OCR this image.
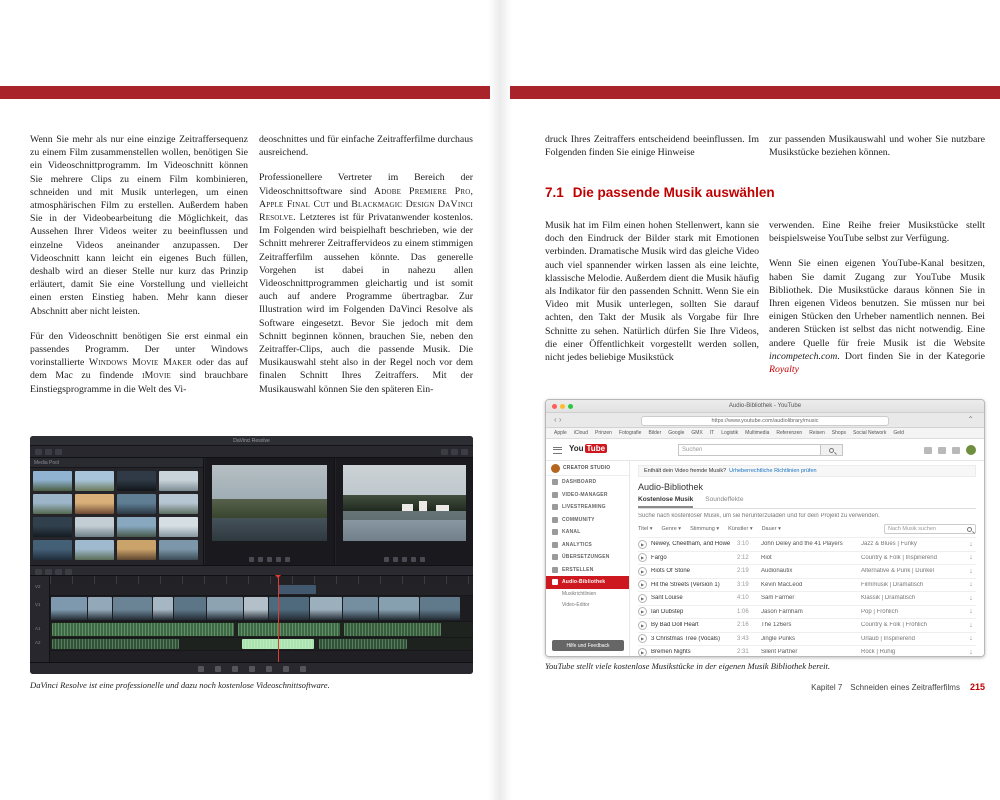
Wenn Sie mehr als nur eine einzige Zeitraffersequenz zu einem Film zusammenstellen wollen, benötigen Sie ein Videoschnittprogramm. Im Videoschnitt können Sie mehrere Clips zu einem Film kombinieren, schneiden und mit Musik unterlegen, um einen atmosphärischen Film zu erstellen. Außerdem haben Sie in der Videobearbeitung die Möglichkeit, das Aussehen Ihrer Videos weiter zu beeinflussen und einzelne Videos aneinander anzupassen. Der Videoschnitt kann leicht ein eigenes Buch füllen, deshalb wird an dieser Stelle nur kurz das Prinzip erläutert, damit Sie eine Vorstellung und vielleicht einen ersten Einstieg haben. Mehr kann dieser Abschnitt aber nicht leisten.

Für den Videoschnitt benötigen Sie erst einmal ein passendes Programm. Der unter Windows vorinstallierte Windows Movie Maker oder das auf dem Mac zu findende iMovie sind brauchbare Einstiegsprogramme in die Welt des Vi-

deoschnittes und für einfache Zeitrafferfilme durchaus ausreichend.

Professionellere Vertreter im Bereich der Videoschnittsoftware sind Adobe Premiere Pro, Apple Final Cut und Blackmagic Design DaVinci Resolve. Letzteres ist für Privatanwender kostenlos. Im Folgenden wird beispielhaft beschrieben, wie der Schnitt mehrerer Zeitraffervideos zu einem stimmigen Zeitrafferfilm aussehen könnte. Das generelle Vorgehen ist dabei in nahezu allen Videoschnittprogrammen gleichartig und ist somit auch auf andere Programme übertragbar. Zur Illustration wird im Folgenden DaVinci Resolve als Software eingesetzt. Bevor Sie jedoch mit dem Schnitt beginnen können, brauchen Sie, neben den Zeitraffer-Clips, auch die passende Musik. Die Musikauswahl steht also in der Regel noch vor dem finalen Schnitt Ihres Zeitraffers. Mit der Musikauswahl können Sie den späteren Ein-

DaVinci Resolve
Media Pool
V2
V1
A1
A2
DaVinci Resolve ist eine professionelle und dazu noch kostenlose Videoschnittsoftware.

druck Ihres Zeitraffers entscheidend beeinflussen. Im Folgenden finden Sie einige Hinweise

zur passenden Musikauswahl und woher Sie nutzbare Musikstücke beziehen können.

7.1 Die passende Musik auswählen

Musik hat im Film einen hohen Stellenwert, kann sie doch den Eindruck der Bilder stark mit Emotionen verbinden. Dramatische Musik wird das gleiche Video auch viel spannender wirken lassen als eine leichte, klassische Melodie. Außerdem dient die Musik häufig als Indikator für den passenden Schnitt. Wenn Sie ein Video mit Musik unterlegen, sollten Sie darauf achten, den Takt der Musik als Vorgabe für Ihre Schnitte zu sehen. Natürlich dürfen Sie Ihre Videos, die einer Öffentlichkeit vorgestellt werden sollen, nicht jedes beliebige Musikstück

verwenden. Eine Reihe freier Musikstücke stellt beispielsweise YouTube selbst zur Verfügung.

Wenn Sie einen eigenen YouTube-Kanal besitzen, haben Sie damit Zugang zur YouTube Musik Bibliothek. Die Musikstücke daraus können Sie in Ihren eigenen Videos benutzen. Sie müssen nur bei einigen Stücken den Urheber namentlich nennen. Bei anderen Stücken ist selbst das nicht notwendig. Eine andere Quelle für freie Musik ist die Website incompetech.com. Dort finden Sie in der Kategorie Royalty

Audio-Bibliothek - YouTube
‹ ›	https://www.youtube.com/audiolibrary/music	⌃
Apple iCloud Prinzen Fotografie Bilder Google GMX IT Logistik Multimedia Referenzen Reisen Shops Social Network Geld
You Tube	Suchen
CREATOR STUDIO
DASHBOARD
VIDEO-MANAGER
LIVESTREAMING
COMMUNITY
KANAL
ANALYTICS
ÜBERSETZUNGEN
ERSTELLEN
Audio-Bibliothek
Musikrichtlinien
Video-Editor
Hilfe und Feedback
Enthält dein Video fremde Musik? Urheberrechtliche Richtlinien prüfen
Audio-Bibliothek
Kostenlose Musik Soundeffekte
Suche nach kostenloser Musik, um sie herunterzuladen und für dein Projekt zu verwenden.
Titel ▾ Genre ▾ Stimmung ▾ Künstler ▾ Dauer ▾	Nach Musik suchen
▶	Newey, Cheetham, and Howe	3:10	John Deley and the 41 Players	Jazz & Blues | Funky	↓
▶	Fargo	2:12	Riot	Country & Folk | Inspirierend	↓
▶	Riots Of Stone	2:19	Audionautix	Alternative & Punk | Dunkel	↓
▶	Hit the Streets (Version 1)	3:19	Kevin MacLeod	Filmmusik | Dramatisch	↓
▶	Sant Louise	4:10	Sam Farmer	Klassik | Dramatisch	↓
▶	Ian Dubstep	1:06	Jason Farnham	Pop | Fröhlich	↓
▶	By Bad Doll Heart	2:16	The 126ers	Country & Folk | Fröhlich	↓
▶	3 Christmas Tree (Vocals)	3:43	Jingle Punks	Urlaub | Inspirierend	↓
▶	Bremen Nights	2:31	Silent Partner	Rock | Ruhig	↓
YouTube stellt viele kostenlose Musikstücke in der eigenen Musik Bibliothek bereit.
Kapitel 7 Schneiden eines Zeitrafferfilms 215
